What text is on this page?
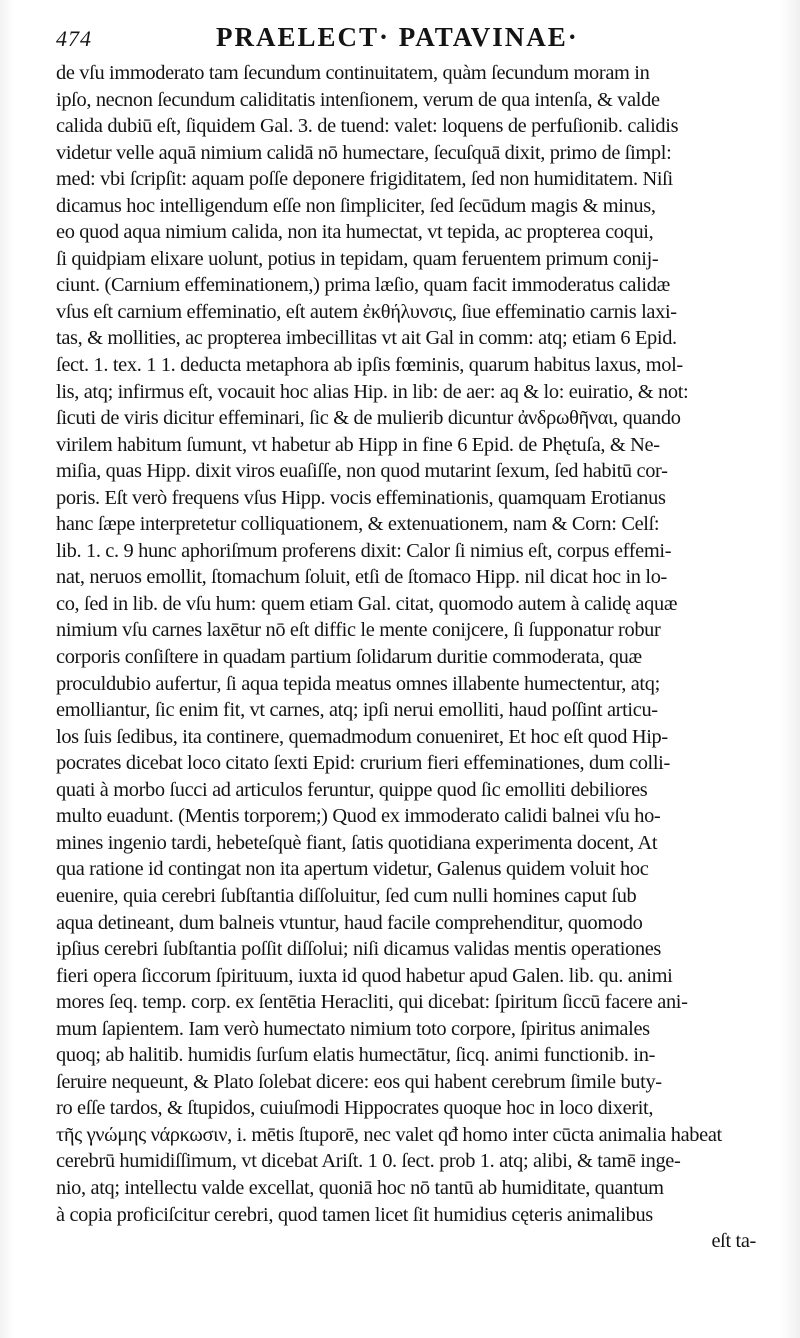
474	PRAELECT· PATAVINAE·
de vſu immoderato tam ſecundum continuitatem, quàm ſecundum moram in
ipſo, necnon ſecundum caliditatis intenſionem, verum de qua intenſa, & valde
calida dubiū eſt, ſiquidem Gal. 3. de tuend: valet: loquens de perfuſionib. calidis
videtur velle aquā nimium calidā nō humectare, ſecuſquā dixit, primo de ſimpl:
med: vbi ſcripſit: aquam poſſe deponere frigiditatem, ſed non humiditatem. Niſi
dicamus hoc intelligendum eſſe non ſimpliciter, ſed ſecūdum magis & minus,
eo quod aqua nimium calida, non ita humectat, vt tepida, ac propterea coqui,
ſi quidpiam elixare uolunt, potius in tepidam, quam feruentem primum conij-
ciunt. (Carnium effeminationem,) prima læſio, quam facit immoderatus calidæ
vſus eſt carnium effeminatio, eſt autem ἐκθήλυνσις, ſiue effeminatio carnis laxi-
tas, & mollities, ac propterea imbecillitas vt ait Gal in comm: atq; etiam 6 Epid.
ſect. 1. tex. 1 1. deducta metaphora ab ipſis fœminis, quarum habitus laxus, mol-
lis, atq; infirmus eſt, vocauit hoc alias Hip. in lib: de aer: aq & lo: euiratio, & not:
ſicuti de viris dicitur effeminari, ſic & de mulierib dicuntur ἀνδρωθῆναι, quando
virilem habitum ſumunt, vt habetur ab Hipp in fine 6 Epid. de Phętuſa, & Ne-
miſia, quas Hipp. dixit viros euaſiſſe, non quod mutarint ſexum, ſed habitū cor-
poris. Eſt verò frequens vſus Hipp. vocis effeminationis, quamquam Erotianus
hanc ſæpe interpretetur colliquationem, & extenuationem, nam & Corn: Celſ:
lib. 1. c. 9 hunc aphoriſmum proferens dixit: Calor ſi nimius eſt, corpus effemi-
nat, neruos emollit, ſtomachum ſoluit, etſi de ſtomaco Hipp. nil dicat hoc in lo-
co, ſed in lib. de vſu hum: quem etiam Gal. citat, quomodo autem à calidę aquæ
nimium vſu carnes laxētur nō eſt diffic le mente conijcere, ſi ſupponatur robur
corporis conſiſtere in quadam partium ſolidarum duritie commoderata, quæ
proculdubio aufertur, ſi aqua tepida meatus omnes illabente humectentur, atq;
emolliantur, ſic enim fit, vt carnes, atq; ipſi nerui emolliti, haud poſſint articu-
los ſuis ſedibus, ita continere, quemadmodum conueniret, Et hoc eſt quod Hip-
pocrates dicebat loco citato ſexti Epid: crurium fieri effeminationes, dum colli-
quati à morbo ſucci ad articulos feruntur, quippe quod ſic emolliti debiliores
multo euadunt. (Mentis torporem;) Quod ex immoderato calidi balnei vſu ho-
mines ingenio tardi, hebeteſquè fiant, ſatis quotidiana experimenta docent, At
qua ratione id contingat non ita apertum videtur, Galenus quidem voluit hoc
euenire, quia cerebri ſubſtantia diſſoluitur, ſed cum nulli homines caput ſub
aqua detineant, dum balneis vtuntur, haud facile comprehenditur, quomodo
ipſius cerebri ſubſtantia poſſit diſſolui; niſi dicamus validas mentis operationes
fieri opera ſiccorum ſpirituum, iuxta id quod habetur apud Galen. lib. qu. animi
mores ſeq. temp. corp. ex ſentētia Heracliti, qui dicebat: ſpiritum ſiccū facere ani-
mum ſapientem. Iam verò humectato nimium toto corpore, ſpiritus animales
quoq; ab halitib. humidis ſurſum elatis humectātur, ſicq. animi functionib. in-
ſeruire nequeunt, & Plato ſolebat dicere: eos qui habent cerebrum ſimile buty-
ro eſſe tardos, & ſtupidos, cuiuſmodi Hippocrates quoque hoc in loco dixerit,
τῆς γνώμης νάρκωσιν, i. mētis ſtuporē, nec valet qđ homo inter cūcta animalia habeat
cerebrū humidiſſimum, vt dicebat Ariſt. 1 0. ſect. prob 1. atq; alibi, & tamē inge-
nio, atq; intellectu valde excellat, quoniā hoc nō tantū ab humiditate, quantum
à copia proficiſcitur cerebri, quod tamen licet ſit humidius cęteris animalibus
eſt ta-
